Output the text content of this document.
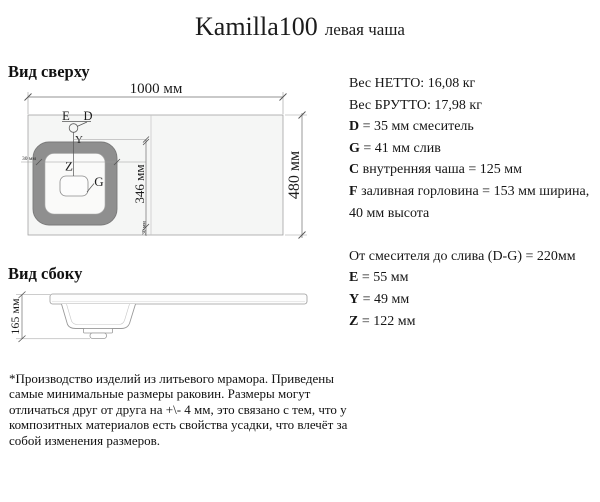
Kamilla100 левая чаша
Вид сверху
Вид сбоку
1000 мм
480 мм
E D
Y
Z
G
30 мм
346 мм
30 мм
165 мм
Вес НЕТТО: 16,08 кг
Вес БРУТТО: 17,98 кг
D = 35 мм смеситель
G = 41 мм слив
C внутренняя чаша = 125 мм
F заливная горловина = 153 мм ширина, 40 мм высота
От смесителя до слива (D-G) = 220мм
E = 55 мм
Y = 49 мм
Z = 122 мм
*Производство изделий из литьевого мрамора. Приведены самые минимальные размеры раковин. Размеры могут отличаться друг от друга на +\- 4 мм, это связано с тем, что у композитных материалов есть свойства усадки, что влечёт за собой изменения размеров.
